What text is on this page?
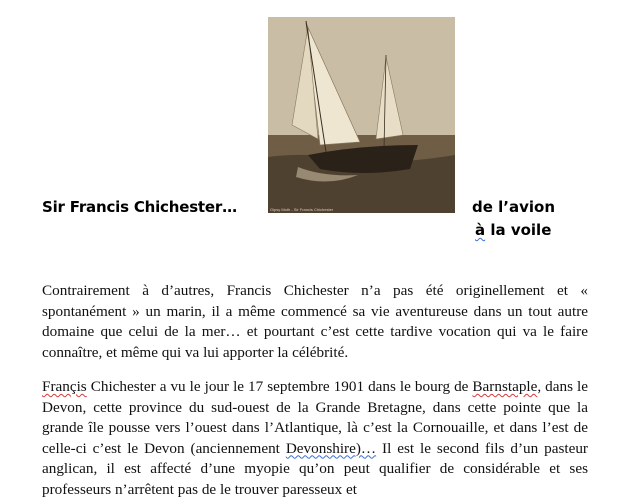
Gipsy Moth - Sir Francis Chichester
Sir Francis Chichester…	de l’avion
à la voile
Contrairement à d’autres, Francis Chichester n’a pas été originellement et « spontanément » un marin, il a même commencé sa vie aventureuse dans un tout autre domaine que celui de la mer… et pourtant c’est cette tardive vocation qui va le faire connaître, et même qui va lui apporter la célébrité.
Françis Chichester a vu le jour le 17 septembre 1901 dans le bourg de Barnstaple, dans le Devon, cette province du sud-ouest de la Grande Bretagne, dans cette pointe que la grande île pousse vers l’ouest dans l’Atlantique, là c’est la Cornouaille, et dans l’est de celle-ci c’est le Devon (anciennement Devonshire)… Il est le second fils d’un pasteur anglican, il est affecté d’une myopie qu’on peut qualifier de considérable et ses professeurs n’arrêtent pas de le trouver paresseux et
